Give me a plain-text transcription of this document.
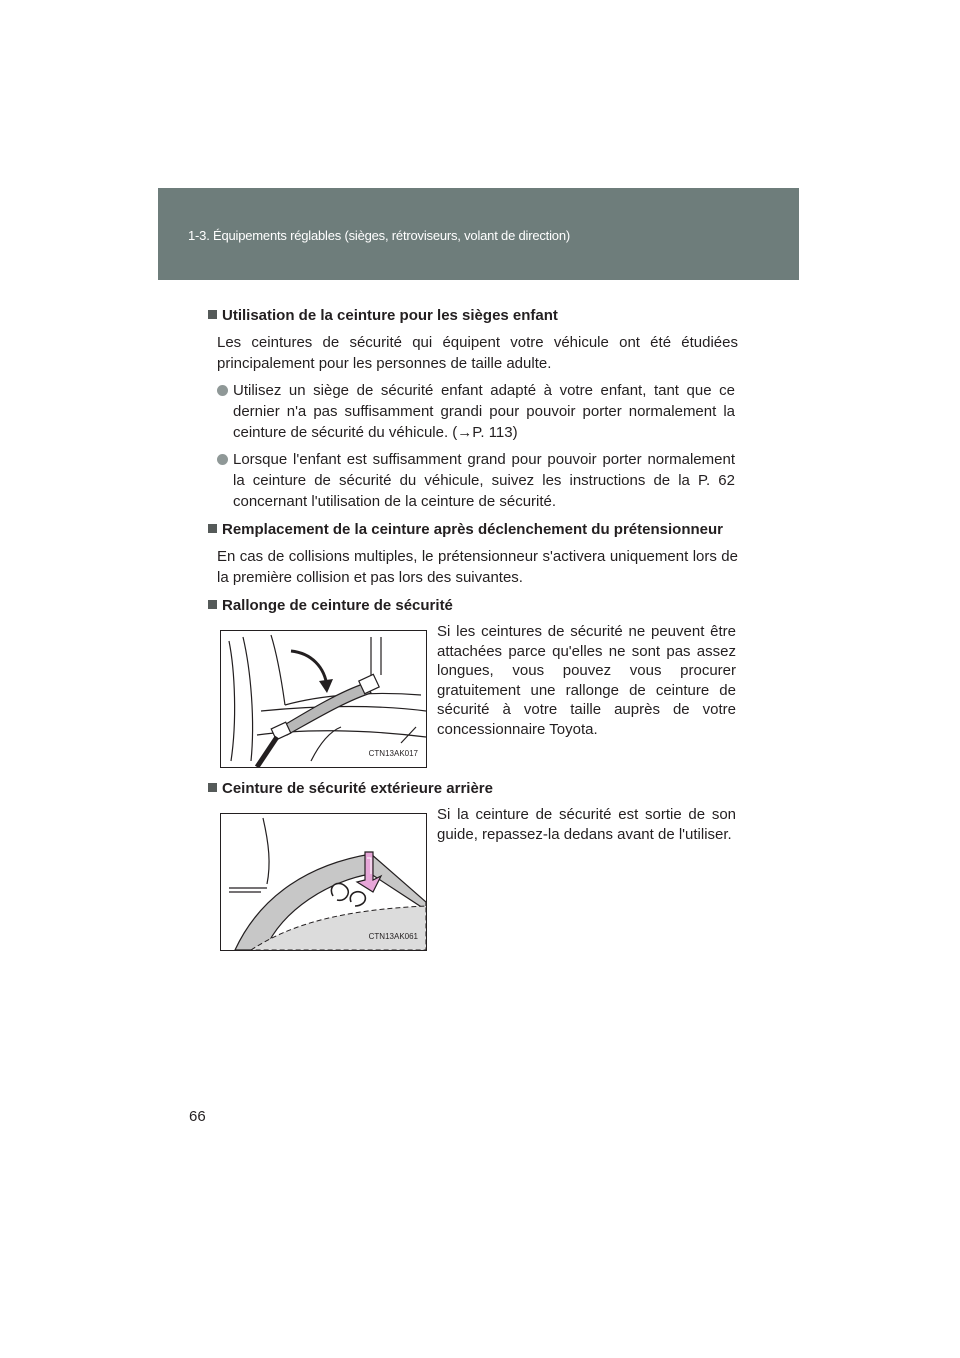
1-3. Équipements réglables (sièges, rétroviseurs, volant de direction)

Utilisation de la ceinture pour les sièges enfant

Les ceintures de sécurité qui équipent votre véhicule ont été étudiées principalement pour les personnes de taille adulte.

Utilisez un siège de sécurité enfant adapté à votre enfant, tant que ce dernier n'a pas suffisamment grandi pour pouvoir porter normalement la ceinture de sécurité du véhicule. (→P. 113)
Lorsque l'enfant est suffisamment grand pour pouvoir porter normalement la ceinture de sécurité du véhicule, suivez les instructions de la P. 62 concernant l'utilisation de la ceinture de sécurité.

Remplacement de la ceinture après déclenchement du prétensionneur

En cas de collisions multiples, le prétensionneur s'activera uniquement lors de la première collision et pas lors des suivantes.

Rallonge de ceinture de sécurité

CTN13AK017
Si les ceintures de sécurité ne peuvent être attachées parce qu'elles ne sont pas assez longues, vous pouvez vous procurer gratuitement une rallonge de ceinture de sécurité à votre taille auprès de votre concessionnaire Toyota.

Ceinture de sécurité extérieure arrière

CTN13AK061
Si la ceinture de sécurité est sortie de son guide, repassez-la dedans avant de l'utiliser.
66
